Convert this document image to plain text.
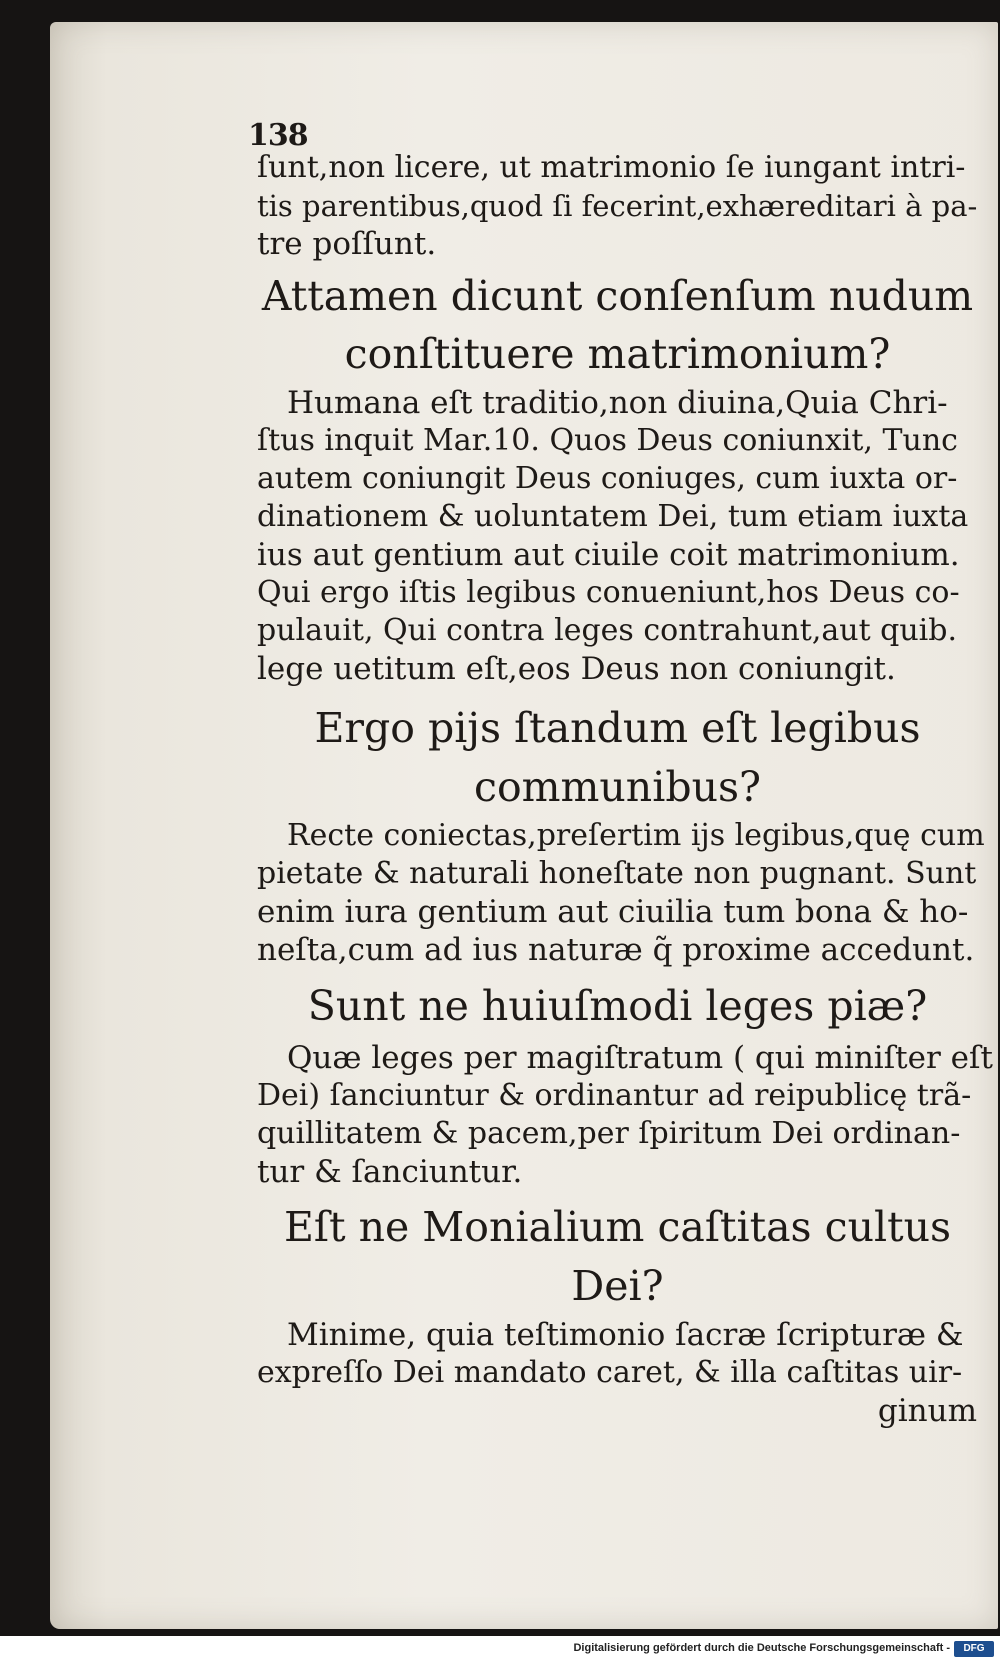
138
ſunt,non licere, ut matrimonio ſe iungant intri-
tis parentibus,quod ſi fecerint,exhæreditari à pa-
tre poſſunt.
Attamen dicunt conſenſum nudum
conſtituere matrimonium?
Humana eſt traditio,non diuina,Quia Chri-
ſtus inquit Mar.10. Quos Deus coniunxit, Tunc
autem coniungit Deus coniuges, cum iuxta or-
dinationem & uoluntatem Dei, tum etiam iuxta
ius aut gentium aut ciuile coit matrimonium.
Qui ergo iſtis legibus conueniunt,hos Deus co-
pulauit, Qui contra leges contrahunt,aut quib.
lege uetitum eſt,eos Deus non coniungit.
Ergo pijs ſtandum eſt legibus
communibus?
Recte coniectas,preſertim ijs legibus,quę cum
pietate & naturali honeſtate non pugnant. Sunt
enim iura gentium aut ciuilia tum bona & ho-
neſta,cum ad ius naturæ q̃ proxime accedunt.
Sunt ne huiuſmodi leges piæ?
Quæ leges per magiſtratum ( qui miniſter eſt
Dei) ſanciuntur & ordinantur ad reipublicę trã-
quillitatem & pacem,per ſpiritum Dei ordinan-
tur & ſanciuntur.
Eſt ne Monialium caſtitas cultus
Dei?
Minime, quia teſtimonio ſacræ ſcripturæ &
expreſſo Dei mandato caret, & illa caſtitas uir-
ginum
Digitalisierung gefördert durch die Deutsche Forschungsgemeinschaft -	DFG
